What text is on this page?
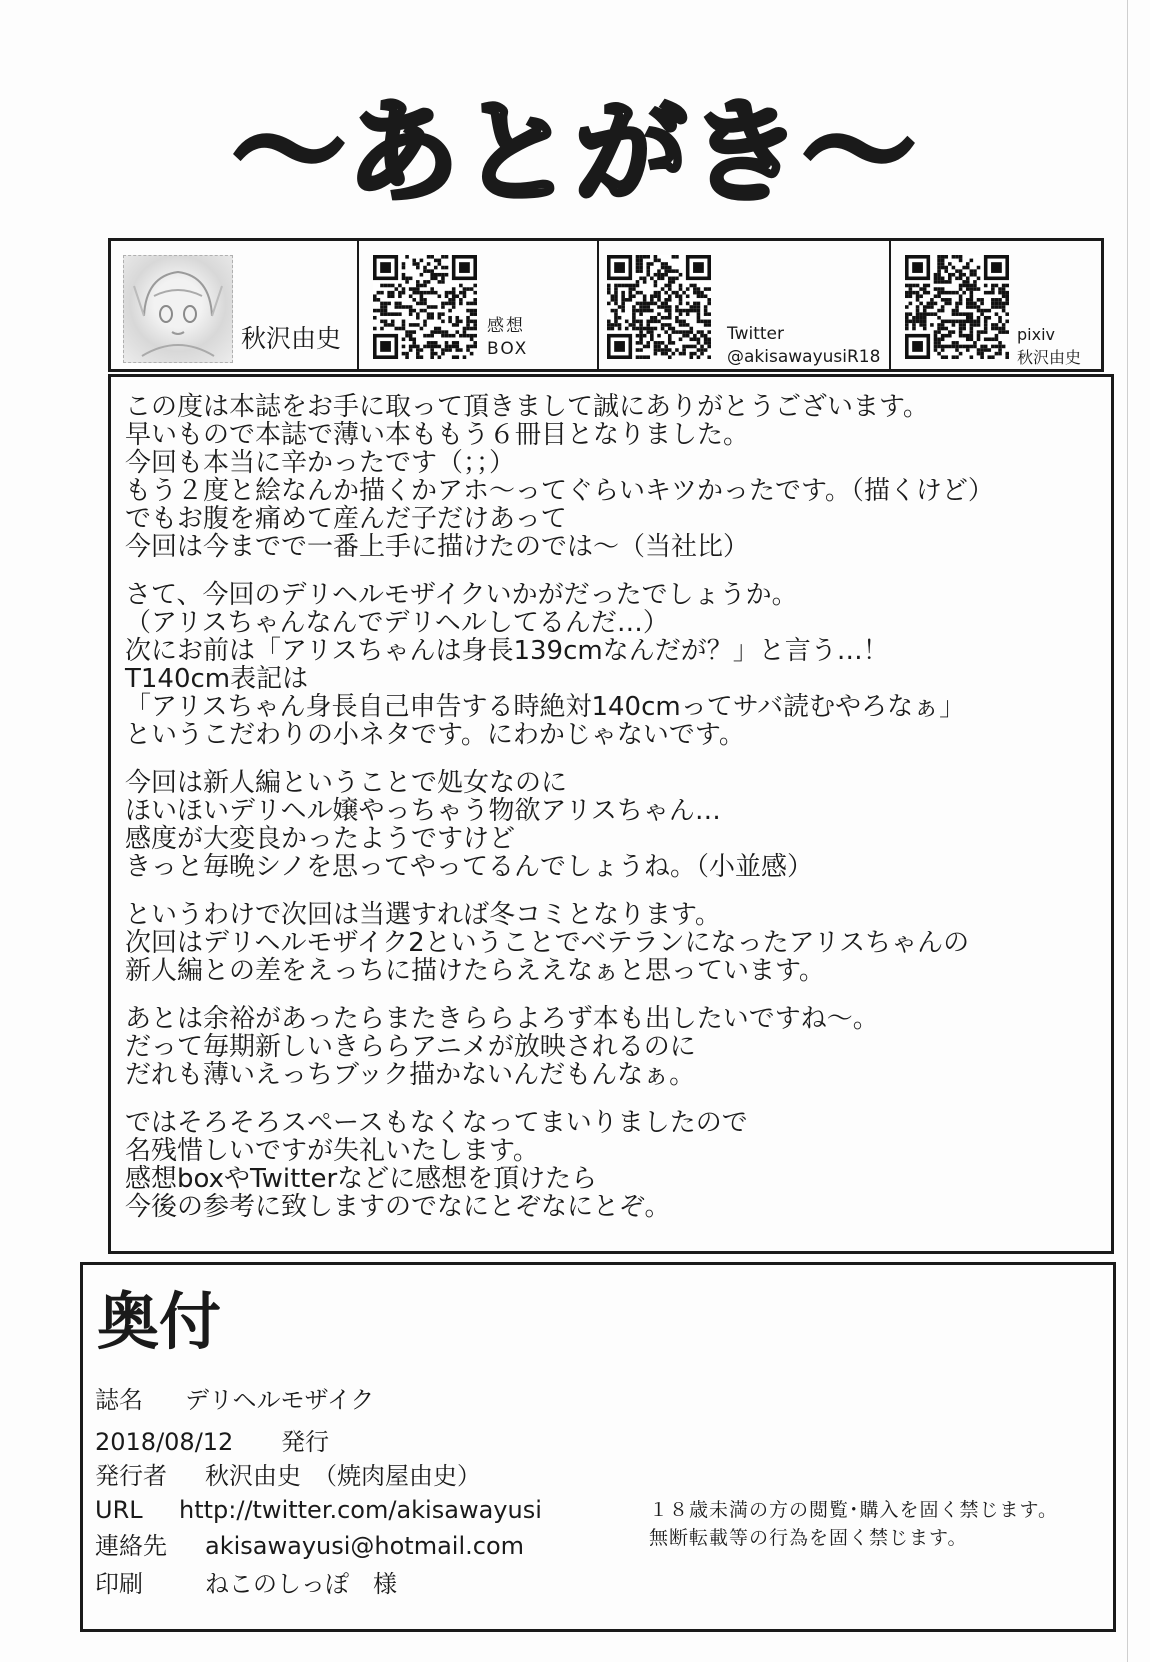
〜あとがき〜
秋沢由史	感想
BOX
Twitter
@akisawayusiR18
pixiv
秋沢由史
この度は本誌をお手に取って頂きまして誠にありがとうございます。
早いもので本誌で薄い本ももう６冊目となりました。
今回も本当に辛かったです（；；）
もう２度と絵なんか描くかアホ〜ってぐらいキツかったです。（描くけど）
でもお腹を痛めて産んだ子だけあって
今回は今までで一番上手に描けたのでは〜（当社比）
さて、今回のデリヘルモザイクいかがだったでしょうか。
（アリスちゃんなんでデリヘルしてるんだ…）
次にお前は「アリスちゃんは身長139cmなんだが？」と言う…！
T140cm表記は
「アリスちゃん身長自己申告する時絶対140cmってサバ読むやろなぁ」
というこだわりの小ネタです。にわかじゃないです。
今回は新人編ということで処女なのに
ほいほいデリヘル嬢やっちゃう物欲アリスちゃん…
感度が大変良かったようですけど
きっと毎晩シノを思ってやってるんでしょうね。（小並感）
というわけで次回は当選すれば冬コミとなります。
次回はデリヘルモザイク2ということでベテランになったアリスちゃんの
新人編との差をえっちに描けたらええなぁと思っています。
あとは余裕があったらまたきららよろず本も出したいですね〜。
だって毎期新しいきららアニメが放映されるのに
だれも薄いえっちブック描かないんだもんなぁ。
ではそろそろスペースもなくなってまいりましたので
名残惜しいですが失礼いたします。
感想boxやTwitterなどに感想を頂けたら
今後の参考に致しますのでなにとぞなにとぞ。
奥付
誌名 デリヘルモザイク
2018/08/12 発行
発行者 秋沢由史　（焼肉屋由史）
URL http://twitter.com/akisawayusi
連絡先 akisawayusi@hotmail.com
印刷	ねこのしっぽ　様
１８歳未満の方の閲覧･購入を固く禁じます。
無断転載等の行為を固く禁じます。
